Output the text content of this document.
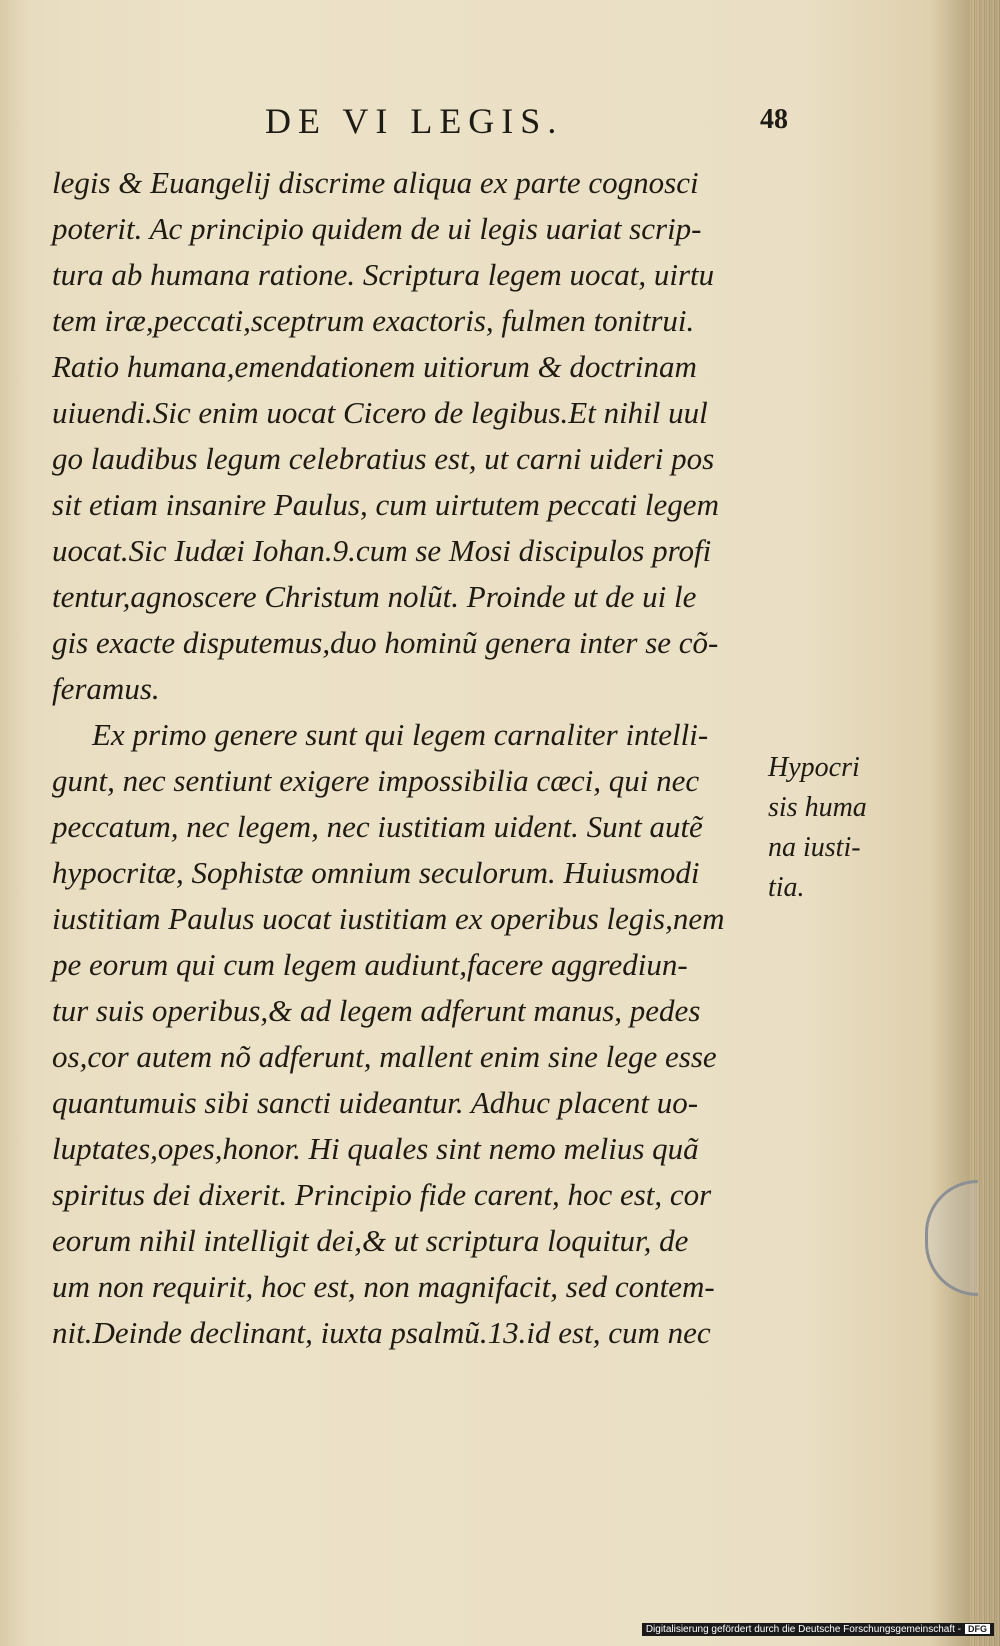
DE VI LEGIS.	48
legis & Euangelij discrime aliqua ex parte cognosci
poterit. Ac principio quidem de ui legis uariat scrip-
tura ab humana ratione. Scriptura legem uocat, uirtu
tem iræ,peccati,sceptrum exactoris, fulmen tonitrui.
Ratio humana,emendationem uitiorum & doctrinam
uiuendi.Sic enim uocat Cicero de legibus.Et nihil uul
go laudibus legum celebratius est, ut carni uideri pos
sit etiam insanire Paulus, cum uirtutem peccati legem
uocat.Sic Iudæi Iohan.9.cum se Mosi discipulos profi
tentur,agnoscere Christum nolũt. Proinde ut de ui le
gis exacte disputemus,duo hominũ genera inter se cõ-
feramus.
Ex primo genere sunt qui legem carnaliter intelli-
gunt, nec sentiunt exigere impossibilia cæci, qui nec
peccatum, nec legem, nec iustitiam uident. Sunt autẽ
hypocritæ, Sophistæ omnium seculorum. Huiusmodi
iustitiam Paulus uocat iustitiam ex operibus legis,nem
pe eorum qui cum legem audiunt,facere aggrediun-
tur suis operibus,& ad legem adferunt manus, pedes
os,cor autem nõ adferunt, mallent enim sine lege esse
quantumuis sibi sancti uideantur. Adhuc placent uo-
luptates,opes,honor. Hi quales sint nemo melius quã
spiritus dei dixerit. Principio fide carent, hoc est, cor
eorum nihil intelligit dei,& ut scriptura loquitur, de
um non requirit, hoc est, non magnifacit, sed contem-
nit.Deinde declinant, iuxta psalmũ.13.id est, cum nec
Hypocri
sis huma
na iusti-
tia.
Digitalisierung gefördert durch die Deutsche Forschungsgemeinschaft - DFG
